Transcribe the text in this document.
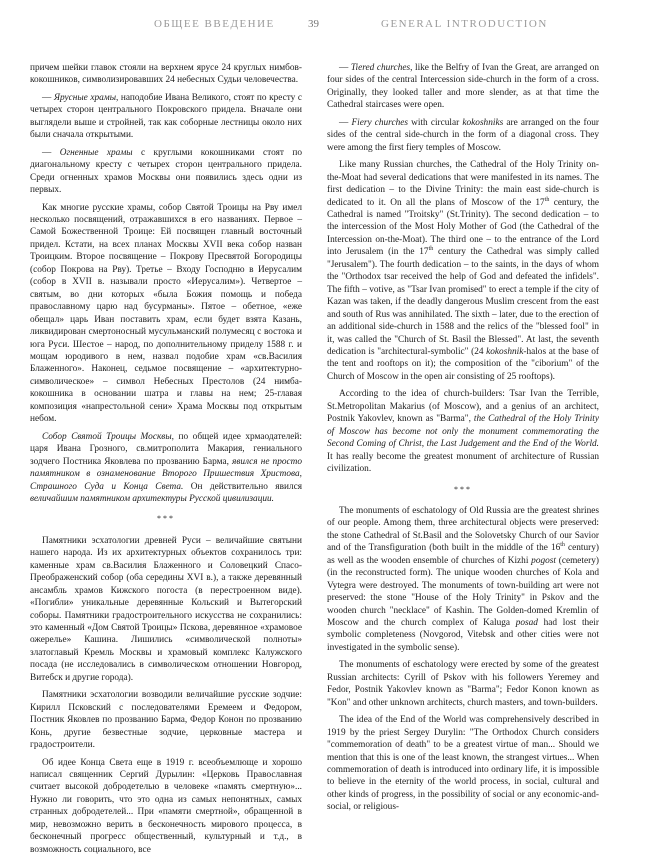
ОБЩЕЕ ВВЕДЕНИЕ	39	GENERAL INTRODUCTION

причем шейки главок стояли на верхнем ярусе 24 круглых нимбов-кокошников, символизировавших 24 небесных Судьи человечества.

— Ярусные храмы, наподобие Ивана Великого, стоят по кресту с четырех сторон центрального Покровского придела. Вначале они выглядели выше и стройней, так как соборные лестницы около них были сначала открытыми.

— Огненные храмы с круглыми кокошниками стоят по диагональному кресту с четырех сторон центрального придела. Среди огненных храмов Москвы они появились здесь одни из первых.

Как многие русские храмы, собор Святой Троицы на Рву имел несколько посвящений, отражавшихся в его названиях. Первое – Самой Божественной Троице: Ей посвящен главный восточный придел. Кстати, на всех планах Москвы XVII века собор назван Троицким. Второе посвящение – Покрову Пресвятой Богородицы (собор Покрова на Рву). Третье – Входу Господню в Иерусалим (собор в XVII в. называли просто «Иерусалим»). Четвертое – святым, во дни которых «была Божия помощь и победа православному царю над бусурманы». Пятое – обетное, «еже обещал» царь Иван поставить храм, если будет взята Казань, ликвидирован смертоносный мусульманский полумесяц с востока и юга Руси. Шестое – народ, по дополнительному приделу 1588 г. и мощам юродивого в нем, назвал подобие храм «св.Василия Блаженного». Наконец, седьмое посвящение – «архитектурно-символическое» – символ Небесных Престолов (24 нимба-кокошника в основании шатра и главы на нем; 25-главая композиция «напрестольной сени» Храма Москвы под открытым небом.

Собор Святой Троицы Москвы, по общей идее хрмаодателей: царя Ивана Грозного, св.митрополита Макария, гениального зодчего Постника Яковлева по прозванию Барма, явился не просто памятником в ознаменование Второго Пришествия Христова, Страшного Суда и Конца Света. Он действительно явился величайшим памятником архитектуры Русской цивилизации.

***

Памятники эсхатологии древней Руси – величайшие святыни нашего народа. Из их архитектурных объектов сохранилось три: каменные храм св.Василия Блаженного и Соловецкий Спасо-Преображенский собор (оба середины XVI в.), а также деревянный ансамбль храмов Кижского погоста (в перестроенном виде). «Погибли» уникальные деревянные Кольский и Вытегорский соборы. Памятники градостроительного искусства не сохранились: это каменный «Дом Святой Троицы» Пскова, деревянное «храмовое ожерелье» Кашина. Лишились «символической полноты» златоглавый Кремль Москвы и храмовый комплекс Калужского посада (не исследовались в символическом отношении Новгород, Витебск и другие города).

Памятники эсхатологии возводили величайшие русские зодчие: Кирилл Псковский с последователями Еремеем и Федором, Постник Яковлев по прозванию Барма, Федор Конон по прозванию Конь, другие безвестные зодчие, церковные мастера и градостроители.

Об идее Конца Света еще в 1919 г. всеобъемлюще и хорошо написал священник Сергий Дурылин: «Церковь Православная считает высокой добродетелью в человеке «память смертную»... Нужно ли говорить, что это одна из самых непонятных, самых странных добродетелей... При «памяти смертной», обращенной в мир, невозможно верить в бесконечность мирового процесса, в бесконечный прогресс общественный, культурный и т.д., в возможность социального, все

— Tiered churches, like the Belfry of Ivan the Great, are arranged on four sides of the central Intercession side-church in the form of a cross. Originally, they looked taller and more slender, as at that time the Cathedral staircases were open.

— Fiery churches with circular kokoshniks are arranged on the four sides of the central side-church in the form of a diagonal cross. They were among the first fiery temples of Moscow.

Like many Russian churches, the Cathedral of the Holy Trinity on-the-Moat had several dedications that were manifested in its names. The first dedication – to the Divine Trinity: the main east side-church is dedicated to it. On all the plans of Moscow of the 17th century, the Cathedral is named "Troitsky" (St.Trinity). The second dedication – to the intercession of the Most Holy Mother of God (the Cathedral of the Intercession on-the-Moat). The third one – to the entrance of the Lord into Jerusalem (in the 17th century the Cathedral was simply called "Jerusalem"). The fourth dedication – to the saints, in the days of whom the "Orthodox tsar received the help of God and defeated the infidels". The fifth – votive, as "Tsar Ivan promised" to erect a temple if the city of Kazan was taken, if the deadly dangerous Muslim crescent from the east and south of Rus was annihilated. The sixth – later, due to the erection of an additional side-church in 1588 and the relics of the "blessed fool" in it, was called the "Church of St. Basil the Blessed". At last, the seventh dedication is "architectural-symbolic" (24 kokoshnik-halos at the base of the tent and rooftops on it); the composition of the "ciborium" of the Church of Moscow in the open air consisting of 25 rooftops).

According to the idea of church-builders: Tsar Ivan the Terrible, St.Metropolitan Makarius (of Moscow), and a genius of an architect, Postnik Yakovlev, known as "Barma", the Cathedral of the Holy Trinity of Moscow has become not only the monument commemorating the Second Coming of Christ, the Last Judgement and the End of the World. It has really become the greatest monument of architecture of Russian civilization.

***

The monuments of eschatology of Old Russia are the greatest shrines of our people. Among them, three architectural objects were preserved: the stone Cathedral of St.Basil and the Solovetsky Church of our Savior and of the Transfiguration (both built in the middle of the 16th century) as well as the wooden ensemble of churches of Kizhi pogost (cemetery) (in the reconstructed form). The unique wooden churches of Kola and Vytegra were destroyed. The monuments of town-building art were not preserved: the stone "House of the Holy Trinity" in Pskov and the wooden church "necklace" of Kashin. The Golden-domed Kremlin of Moscow and the church complex of Kaluga posad had lost their symbolic completeness (Novgorod, Vitebsk and other cities were not investigated in the symbolic sense).

The monuments of eschatology were erected by some of the greatest Russian architects: Cyrill of Pskov with his followers Yeremey and Fedor, Postnik Yakovlev known as "Barma"; Fedor Konon known as "Kon" and other unknown architects, church masters, and town-builders.

The idea of the End of the World was comprehensively described in 1919 by the priest Sergey Durylin: "The Orthodox Church considers "commemoration of death" to be a greatest virtue of man... Should we mention that this is one of the least known, the strangest virtues... When commemoration of death is introduced into ordinary life, it is impossible to believe in the eternity of the world process, in social, cultural and other kinds of progress, in the possibility of social or any economic-and-social, or religious-
